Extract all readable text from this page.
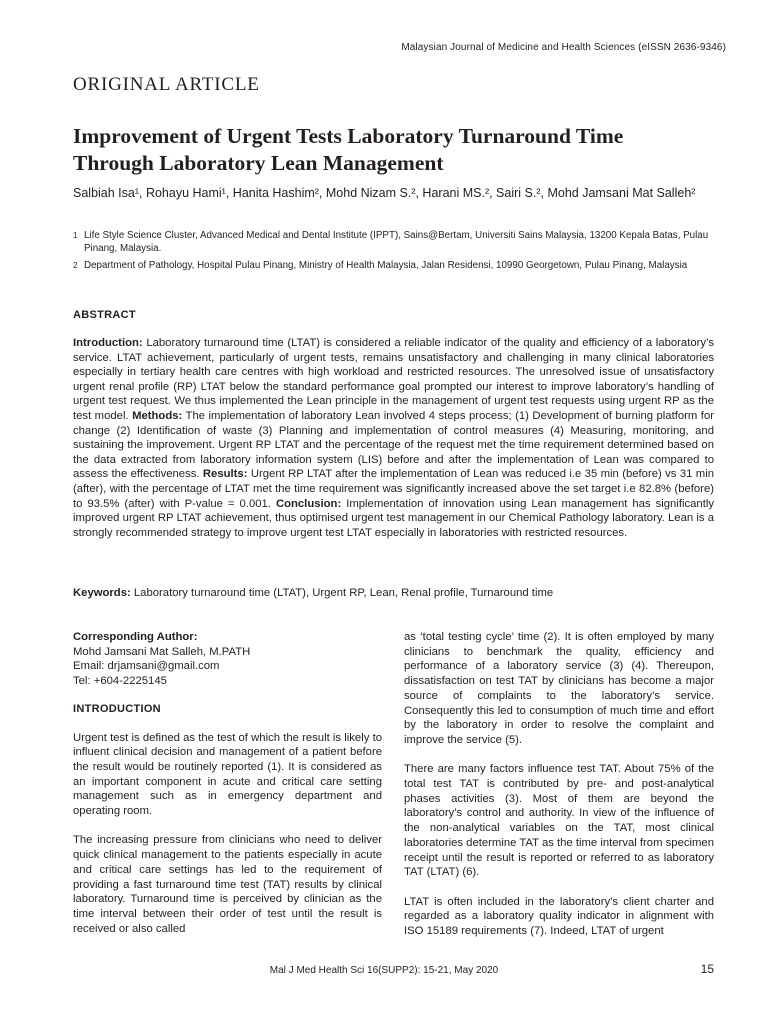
Malaysian Journal of Medicine and Health Sciences (eISSN 2636-9346)
ORIGINAL ARTICLE
Improvement of Urgent Tests Laboratory Turnaround Time
Through Laboratory Lean Management
Salbiah Isa¹, Rohayu Hami¹, Hanita Hashim², Mohd Nizam S.², Harani MS.², Sairi S.², Mohd Jamsani Mat Salleh²
1 Life Style Science Cluster, Advanced Medical and Dental Institute (IPPT), Sains@Bertam, Universiti Sains Malaysia, 13200 Kepala Batas, Pulau Pinang, Malaysia.
2 Department of Pathology, Hospital Pulau Pinang, Ministry of Health Malaysia, Jalan Residensi, 10990 Georgetown, Pulau Pinang, Malaysia
ABSTRACT

Introduction: Laboratory turnaround time (LTAT) is considered a reliable indicator of the quality and efficiency of a laboratory’s service. LTAT achievement, particularly of urgent tests, remains unsatisfactory and challenging in many clinical laboratories especially in tertiary health care centres with high workload and restricted resources. The unresolved issue of unsatisfactory urgent renal profile (RP) LTAT below the standard performance goal prompted our interest to improve laboratory’s handling of urgent test request. We thus implemented the Lean principle in the management of urgent test requests using urgent RP as the test model. Methods: The implementation of laboratory Lean involved 4 steps process; (1) Development of burning platform for change (2) Identification of waste (3) Planning and implementation of control measures (4) Measuring, monitoring, and sustaining the improvement. Urgent RP LTAT and the percentage of the request met the time requirement determined based on the data extracted from laboratory information system (LIS) before and after the implementation of Lean was compared to assess the effectiveness. Results: Urgent RP LTAT after the implementation of Lean was reduced i.e 35 min (before) vs 31 min (after), with the percentage of LTAT met the time requirement was significantly increased above the set target i.e 82.8% (before) to 93.5% (after) with P-value = 0.001. Conclusion: Implementation of innovation using Lean management has significantly improved urgent RP LTAT achievement, thus optimised urgent test management in our Chemical Pathology laboratory. Lean is a strongly recommended strategy to improve urgent test LTAT especially in laboratories with restricted resources.

Keywords: Laboratory turnaround time (LTAT), Urgent RP, Lean, Renal profile, Turnaround time

Corresponding Author:
Mohd Jamsani Mat Salleh, M.PATH
Email: drjamsani@gmail.com
Tel: +604-2225145
INTRODUCTION

Urgent test is defined as the test of which the result is likely to influent clinical decision and management of a patient before the result would be routinely reported (1). It is considered as an important component in acute and critical care setting management such as in emergency department and operating room.

The increasing pressure from clinicians who need to deliver quick clinical management to the patients especially in acute and critical care settings has led to the requirement of providing a fast turnaround time test (TAT) results by clinical laboratory. Turnaround time is perceived by clinician as the time interval between their order of test until the result is received or also called

as ‘total testing cycle’ time (2). It is often employed by many clinicians to benchmark the quality, efficiency and performance of a laboratory service (3) (4). Thereupon, dissatisfaction on test TAT by clinicians has become a major source of complaints to the laboratory’s service. Consequently this led to consumption of much time and effort by the laboratory in order to resolve the complaint and improve the service (5).

There are many factors influence test TAT. About 75% of the total test TAT is contributed by pre- and post-analytical phases activities (3). Most of them are beyond the laboratory’s control and authority. In view of the influence of the non-analytical variables on the TAT, most clinical laboratories determine TAT as the time interval from specimen receipt until the result is reported or referred to as laboratory TAT (LTAT) (6).

LTAT is often included in the laboratory’s client charter and regarded as a laboratory quality indicator in alignment with ISO 15189 requirements (7). Indeed, LTAT of urgent

Mal J Med Health Sci 16(SUPP2): 15-21, May 2020	15
